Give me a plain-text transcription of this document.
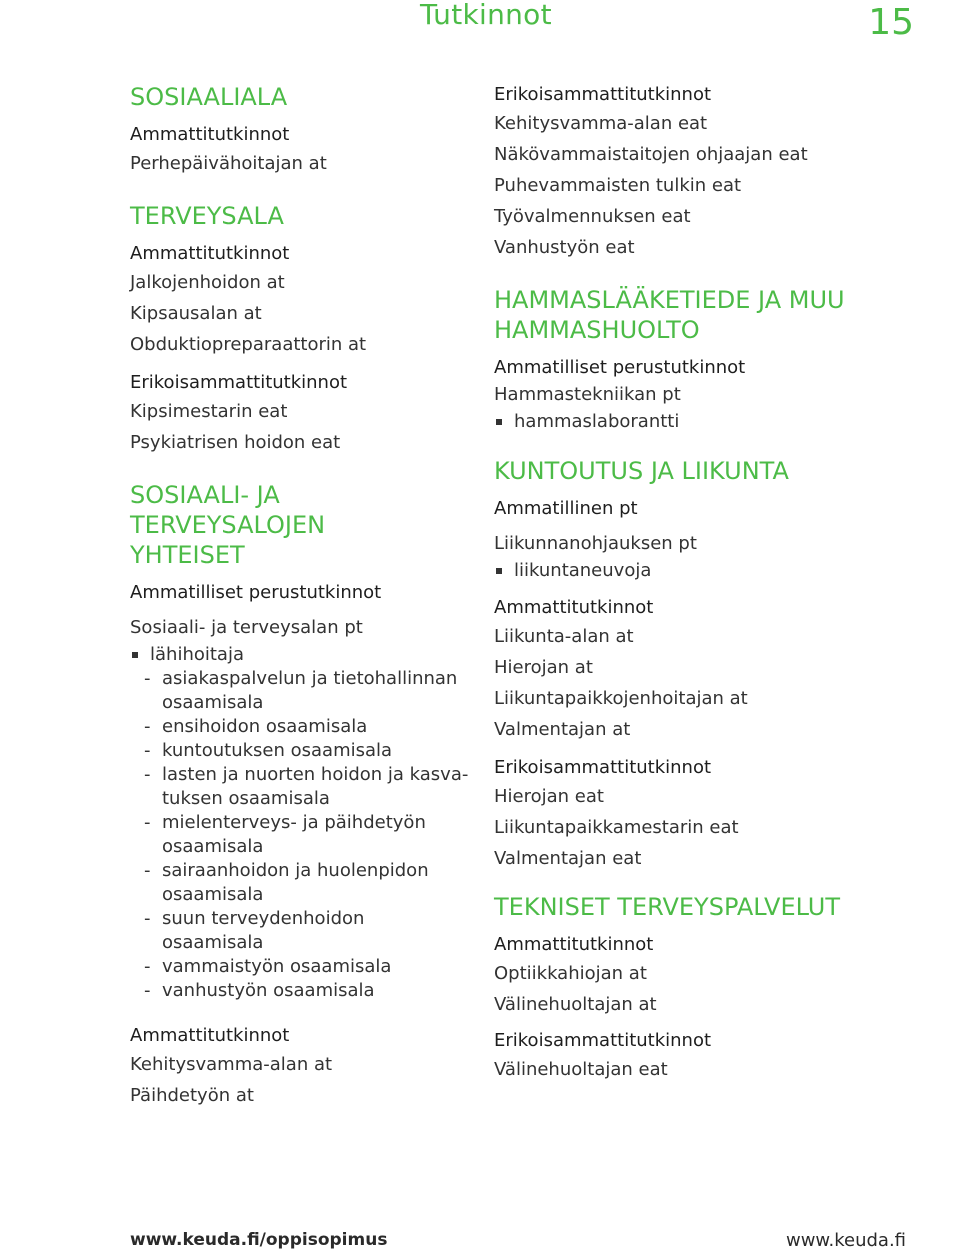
Tutkinnot	15
SOSIAALIALA
Ammattitutkinnot
Perhepäivähoitajan at
TERVEYSALA
Ammattitutkinnot
Jalkojenhoidon at
Kipsausalan at
Obduktiopreparaattorin at
Erikoisammattitutkinnot
Kipsimestarin eat
Psykiatrisen hoidon eat
SOSIAALI- JA TERVEYSALOJEN
YHTEISET
Ammatilliset perustutkinnot
Sosiaali- ja terveysalan pt
lähihoitaja
- asiakaspalvelun ja tietohallinnan
osaamisala
- ensihoidon osaamisala
- kuntoutuksen osaamisala
- lasten ja nuorten hoidon ja kasva-
tuksen osaamisala
- mielenterveys- ja päihdetyön
osaamisala
- sairaanhoidon ja huolenpidon
osaamisala
- suun terveydenhoidon osaamisala
- vammaistyön osaamisala
- vanhustyön osaamisala
Ammattitutkinnot
Kehitysvamma-alan at
Päihdetyön at
Erikoisammattitutkinnot
Kehitysvamma-alan eat
Näkövammaistaitojen ohjaajan eat
Puhevammaisten tulkin eat
Työvalmennuksen eat
Vanhustyön eat
HAMMASLÄÄKETIEDE JA MUU
HAMMASHUOLTO
Ammatilliset perustutkinnot
Hammastekniikan pt
hammaslaborantti
KUNTOUTUS JA LIIKUNTA
Ammatillinen pt
Liikunnanohjauksen pt
liikuntaneuvoja
Ammattitutkinnot
Liikunta-alan at
Hierojan at
Liikuntapaikkojenhoitajan at
Valmentajan at
Erikoisammattitutkinnot
Hierojan eat
Liikuntapaikkamestarin eat
Valmentajan eat
TEKNISET TERVEYSPALVELUT
Ammattitutkinnot
Optiikkahiojan at
Välinehuoltajan at
Erikoisammattitutkinnot
Välinehuoltajan eat
www.keuda.fi/oppisopimus	www.keuda.fi
